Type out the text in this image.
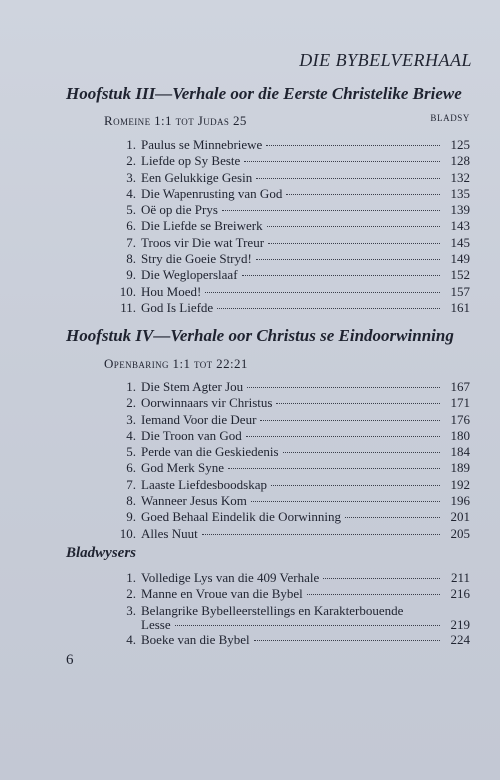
DIE BYBELVERHAAL
Hoofstuk III—Verhale oor die Eerste Christelike Briewe
Romeine 1:1 tot Judas 25	BLADSY
1. Paulus se Minnebriewe	125
2. Liefde op Sy Beste	128
3. Een Gelukkige Gesin	132
4. Die Wapenrusting van God	135
5. Oë op die Prys	139
6. Die Liefde se Breiwerk	143
7. Troos vir Die wat Treur	145
8. Stry die Goeie Stryd!	149
9. Die Wegloperslaaf	152
10. Hou Moed!	157
11. God Is Liefde	161
Hoofstuk IV—Verhale oor Christus se Eindoorwinning
Openbaring 1:1 tot 22:21
1. Die Stem Agter Jou	167
2. Oorwinnaars vir Christus	171
3. Iemand Voor die Deur	176
4. Die Troon van God	180
5. Perde van die Geskiedenis	184
6. God Merk Syne	189
7. Laaste Liefdesboodskap	192
8. Wanneer Jesus Kom	196
9. Goed Behaal Eindelik die Oorwinning	201
10. Alles Nuut	205
Bladwysers
1. Volledige Lys van die 409 Verhale	211
2. Manne en Vroue van die Bybel	216
3. Belangrike Bybelleerstellings en Karakterbouende
Lesse	219
4. Boeke van die Bybel	224
6
